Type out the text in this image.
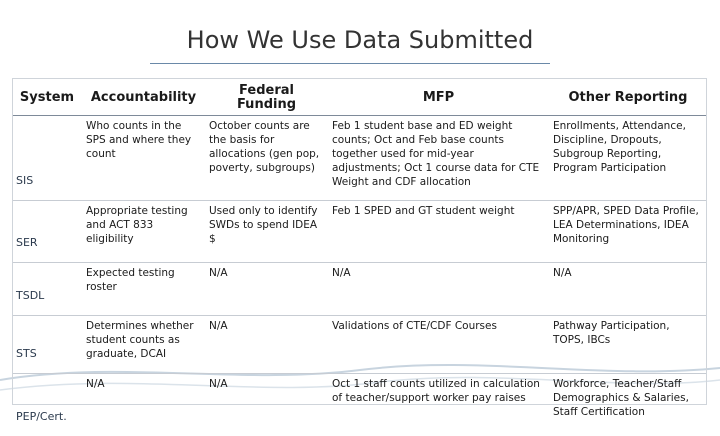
How We Use Data Submitted
System	Accountability	Federal Funding	MFP	Other Reporting
SIS	Who counts in the SPS and where they count	October counts are the basis for allocations (gen pop, poverty, subgroups)	Feb 1 student base and ED weight counts; Oct and Feb base counts together used for mid-year adjustments; Oct 1 course data for CTE Weight and CDF allocation	Enrollments, Attendance, Discipline, Dropouts, Subgroup Reporting, Program Participation
SER	Appropriate testing and ACT 833 eligibility	Used only to identify SWDs to spend IDEA $	Feb 1 SPED and GT student weight	SPP/APR, SPED Data Profile, LEA Determinations, IDEA Monitoring
TSDL	Expected testing roster	N/A	N/A	N/A
STS	Determines whether student counts as graduate, DCAI	N/A	Validations of CTE/CDF Courses	Pathway Participation, TOPS, IBCs
PEP/Cert.	N/A	N/A	Oct 1 staff counts utilized in calculation of teacher/support worker pay raises	Workforce, Teacher/Staff Demographics & Salaries, Staff Certification
